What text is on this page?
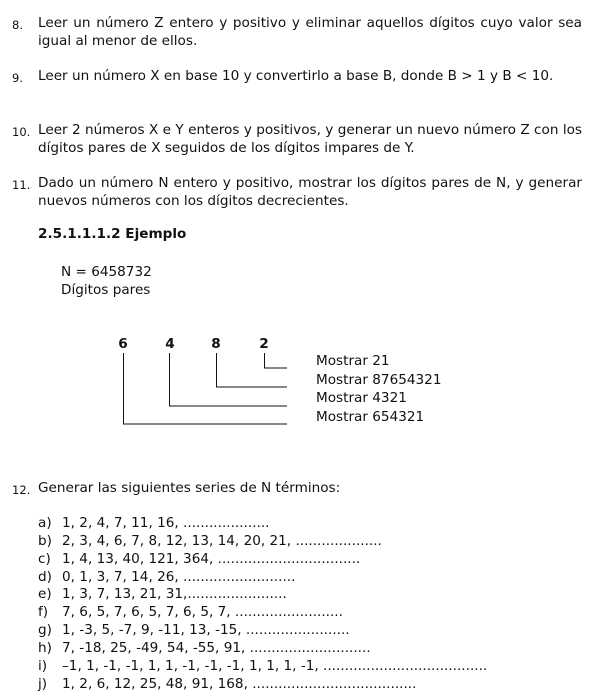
8.	Leer un número Z entero y positivo y eliminar aquellos dígitos cuyo valor sea igual al menor de ellos.
9.	Leer un número X en base 10 y convertirlo a base B, donde B > 1 y B < 10.
10. Leer 2 números X e Y enteros y positivos, y generar un nuevo número Z con los dígitos pares de X seguidos de los dígitos impares de Y.
11. Dado un número N entero y positivo, mostrar los dígitos pares de N, y generar nuevos números con los dígitos decrecientes.
2.5.1.1.1.2 Ejemplo
N = 6458732
Dígitos pares
6	4	8	2
Mostrar 21
Mostrar 87654321
Mostrar 4321
Mostrar 654321
12. Generar las siguientes series de N términos:
a) 1, 2, 4, 7, 11, 16, ....................
b) 2, 3, 4, 6, 7, 8, 12, 13, 14, 20, 21, ....................
c) 1, 4, 13, 40, 121, 364, .................................
d) 0, 1, 3, 7, 14, 26, ..........................
e) 1, 3, 7, 13, 21, 31,.......................
f) 7, 6, 5, 7, 6, 5, 7, 6, 5, 7, .........................
g) 1, -3, 5, -7, 9, -11, 13, -15, ........................
h) 7, -18, 25, -49, 54, -55, 91, ............................
i) –1, 1, -1, -1, 1, 1, -1, -1, -1, 1, 1, 1, -1, ......................................
j) 1, 2, 6, 12, 25, 48, 91, 168, ......................................
